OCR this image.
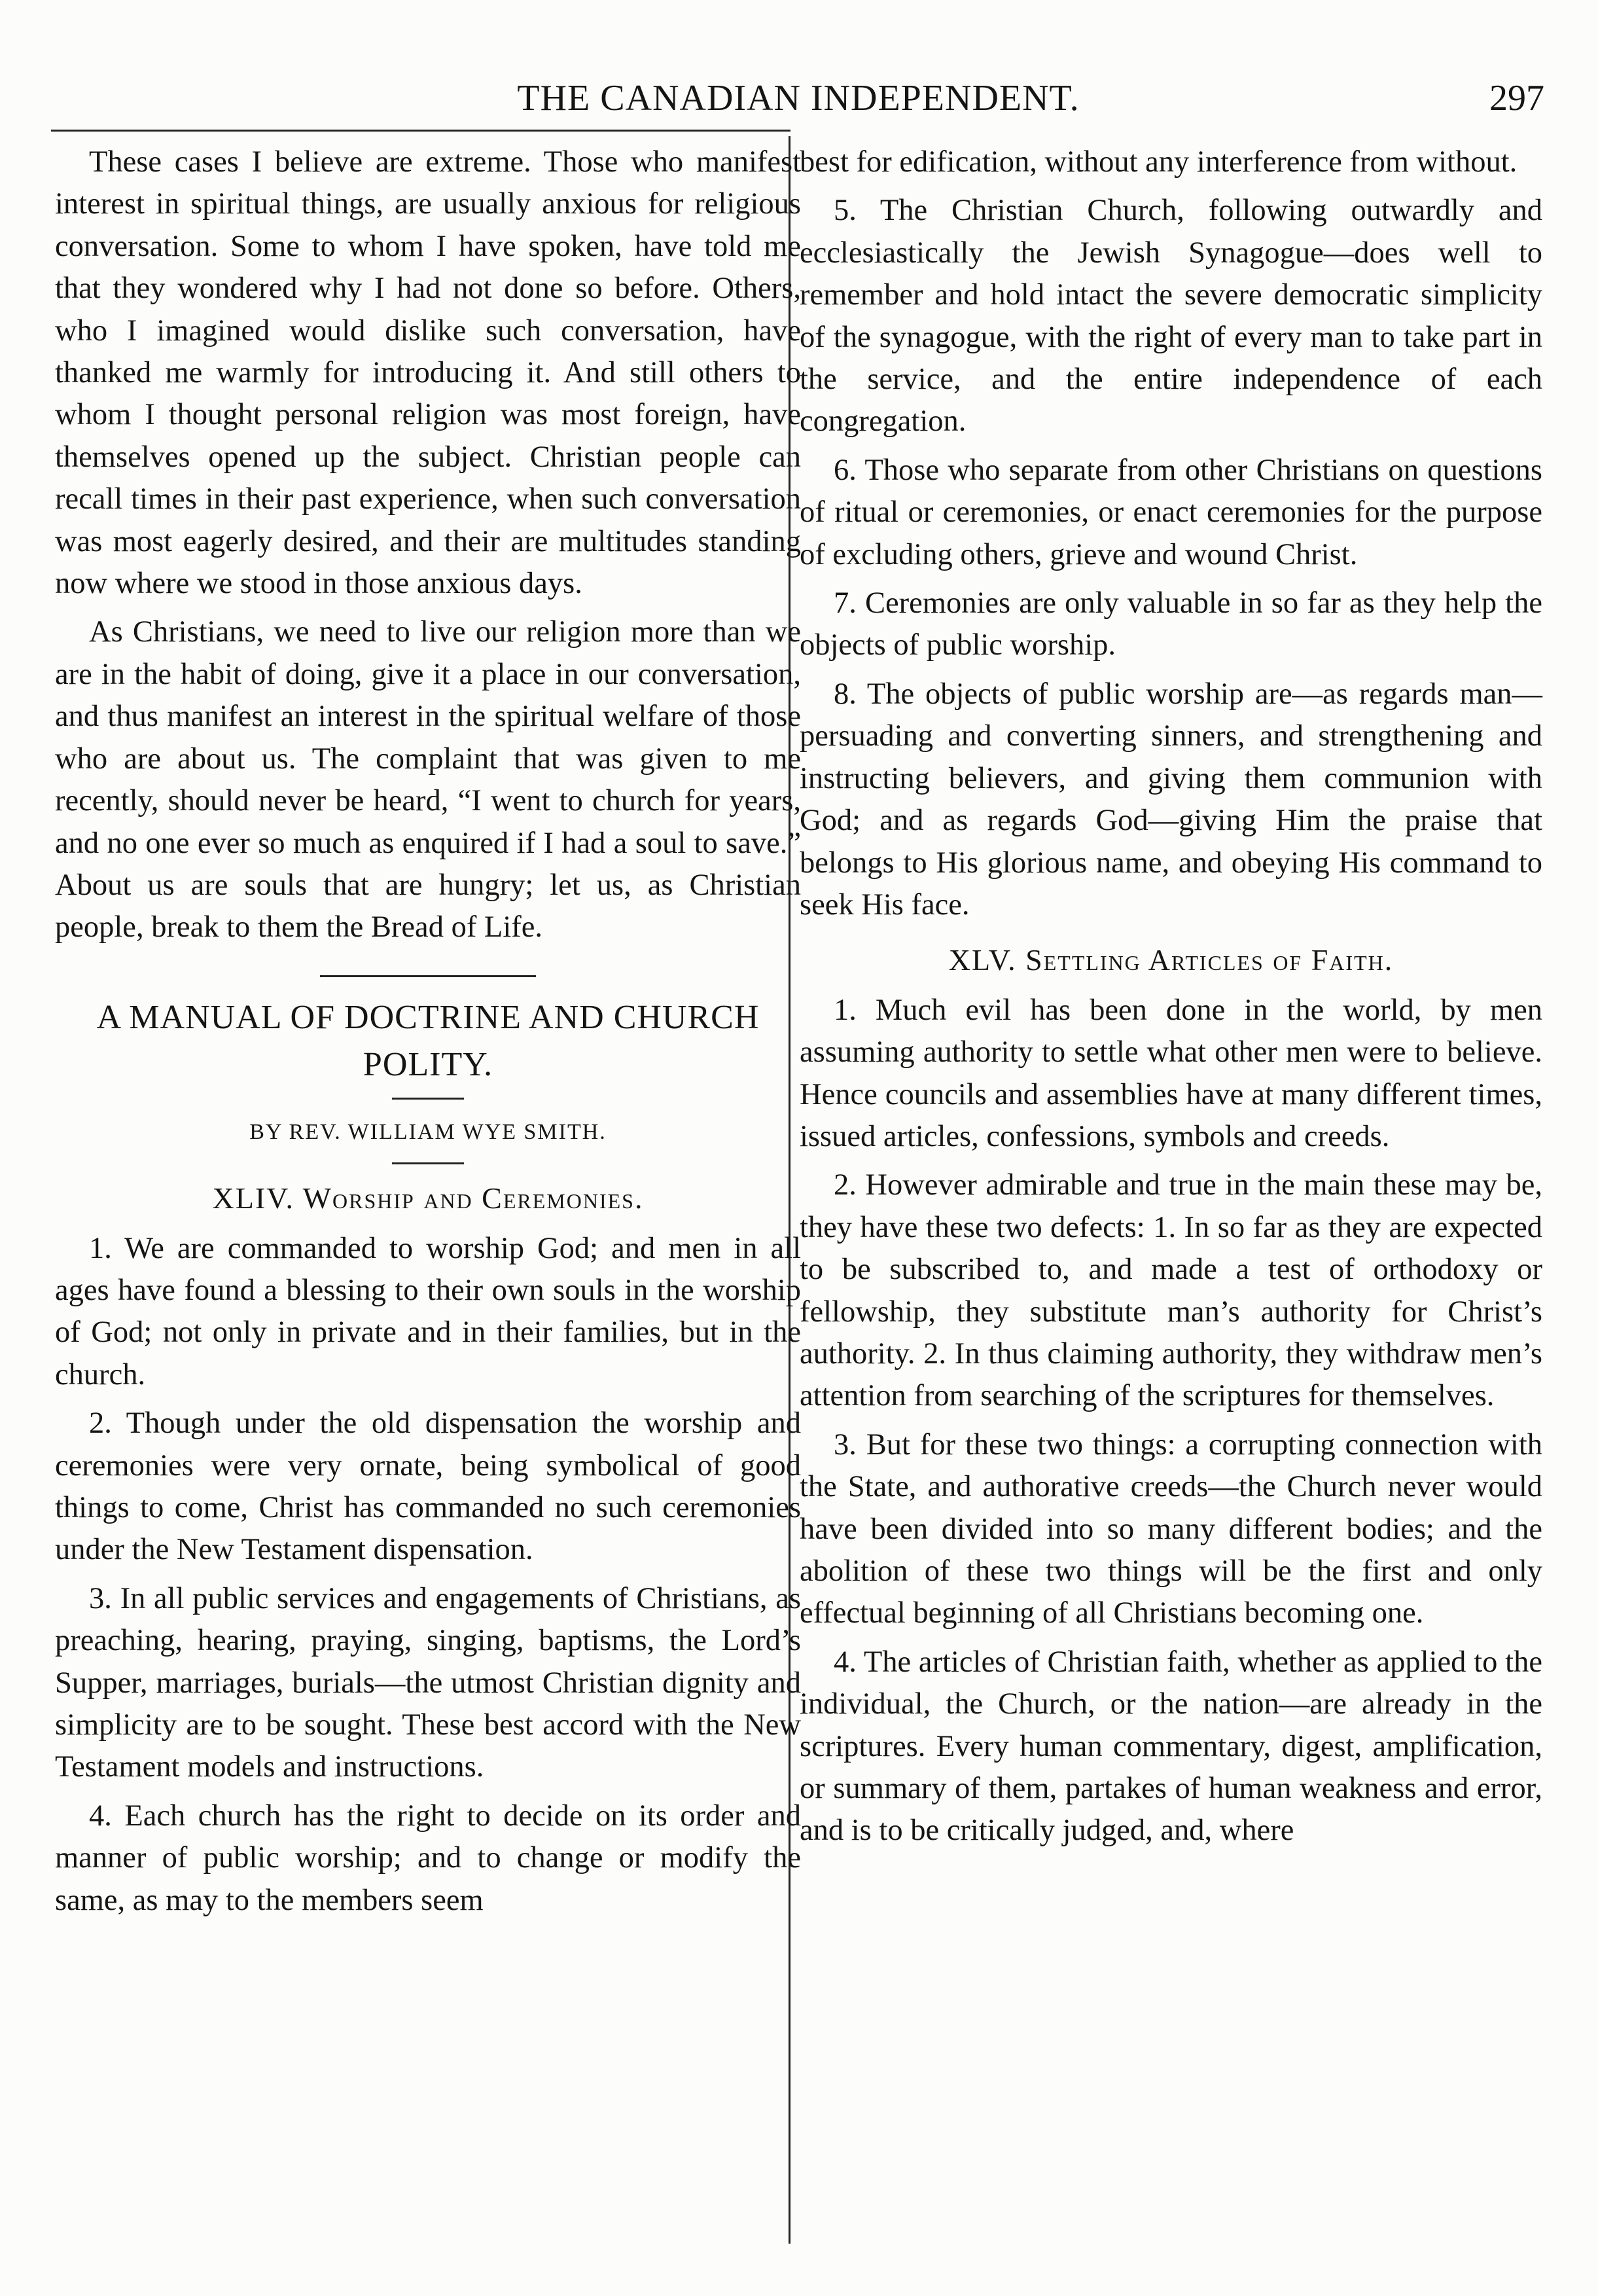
THE CANADIAN INDEPENDENT.	297

These cases I believe are extreme. Those who manifest interest in spiritual things, are usually anxious for religious conversation. Some to whom I have spoken, have told me that they wondered why I had not done so before. Others, who I imagined would dislike such conversation, have thanked me warmly for introducing it. And still others to whom I thought personal religion was most foreign, have themselves opened up the subject. Christian people can recall times in their past experience, when such conversation was most eagerly desired, and their are multitudes standing now where we stood in those anxious days.

As Christians, we need to live our religion more than we are in the habit of doing, give it a place in our conversation, and thus manifest an interest in the spiritual welfare of those who are about us. The complaint that was given to me recently, should never be heard, “I went to church for years, and no one ever so much as enquired if I had a soul to save.” About us are souls that are hungry; let us, as Christian people, break to them the Bread of Life.

A MANUAL OF DOCTRINE AND CHURCH POLITY.
BY REV. WILLIAM WYE SMITH.
XLIV. Worship and Ceremonies.

1. We are commanded to worship God; and men in all ages have found a blessing to their own souls in the worship of God; not only in private and in their families, but in the church.

2. Though under the old dispensation the worship and ceremonies were very ornate, being symbolical of good things to come, Christ has commanded no such ceremonies under the New Testament dispensation.

3. In all public services and engagements of Christians, as preaching, hearing, praying, singing, baptisms, the Lord’s Supper, marriages, burials—the utmost Christian dignity and simplicity are to be sought. These best accord with the New Testament models and instructions.

4. Each church has the right to decide on its order and manner of public worship; and to change or modify the same, as may to the members seem

best for edification, without any interference from without.

5. The Christian Church, following outwardly and ecclesiastically the Jewish Synagogue—does well to remember and hold intact the severe democratic simplicity of the synagogue, with the right of every man to take part in the service, and the entire independence of each congregation.

6. Those who separate from other Christians on questions of ritual or ceremonies, or enact ceremonies for the purpose of excluding others, grieve and wound Christ.

7. Ceremonies are only valuable in so far as they help the objects of public worship.

8. The objects of public worship are—as regards man—persuading and converting sinners, and strengthening and instructing believers, and giving them communion with God; and as regards God—giving Him the praise that belongs to His glorious name, and obeying His command to seek His face.

XLV. Settling Articles of Faith.

1. Much evil has been done in the world, by men assuming authority to settle what other men were to believe. Hence councils and assemblies have at many different times, issued articles, confessions, symbols and creeds.

2. However admirable and true in the main these may be, they have these two defects: 1. In so far as they are expected to be subscribed to, and made a test of orthodoxy or fellowship, they substitute man’s authority for Christ’s authority. 2. In thus claiming authority, they withdraw men’s attention from searching of the scriptures for themselves.

3. But for these two things: a corrupting connection with the State, and authorative creeds—the Church never would have been divided into so many different bodies; and the abolition of these two things will be the first and only effectual beginning of all Christians becoming one.

4. The articles of Christian faith, whether as applied to the individual, the Church, or the nation—are already in the scriptures. Every human commentary, digest, amplification, or summary of them, partakes of human weakness and error, and is to be critically judged, and, where
